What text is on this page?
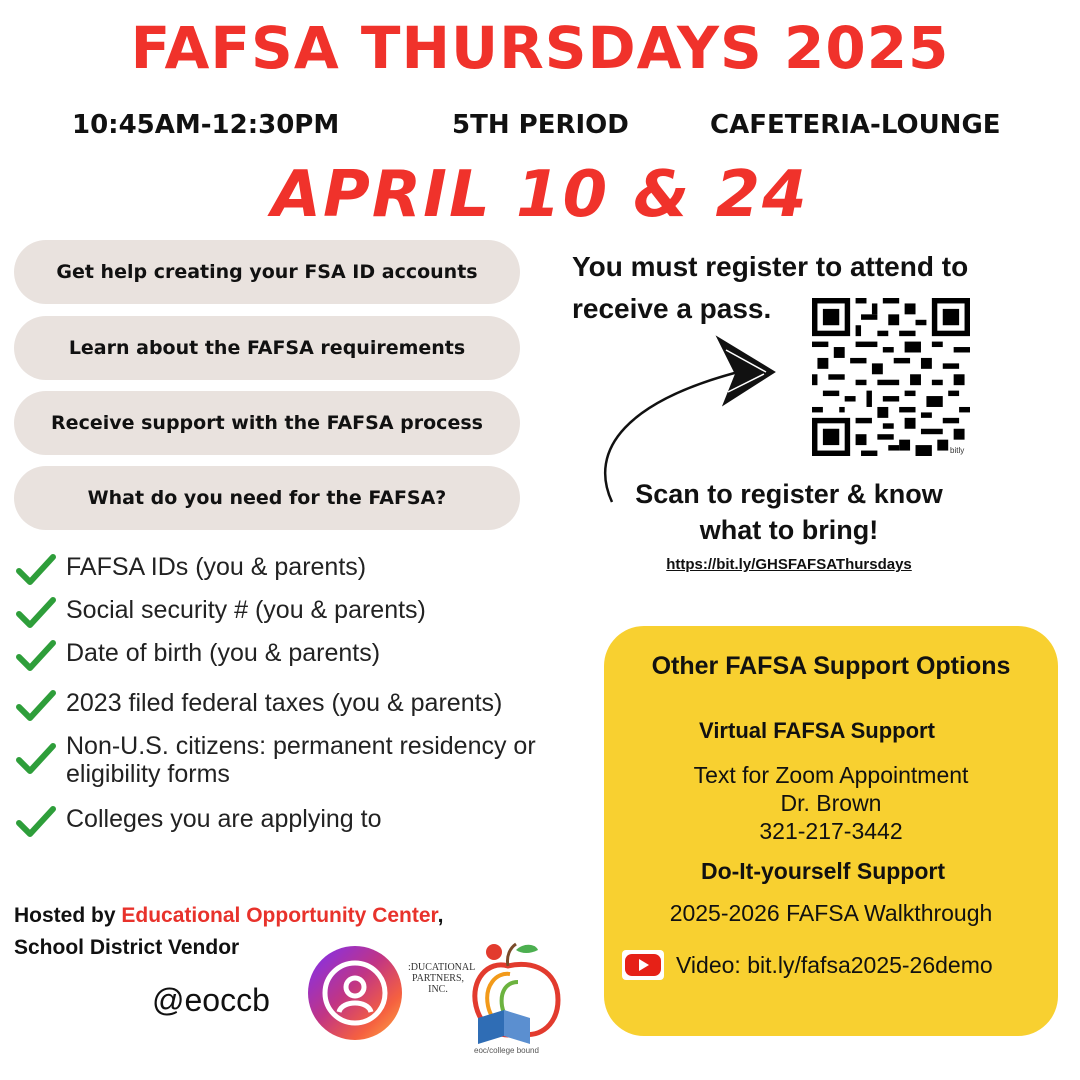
FAFSA THURSDAYS 2025
10:45AM-12:30PM	5TH PERIOD	CAFETERIA-LOUNGE
APRIL 10 & 24
Get help creating your FSA ID accounts
Learn about the FAFSA requirements
Receive support with the FAFSA process
What do you need for the FAFSA?
FAFSA IDs (you & parents)
Social security # (you & parents)
Date of birth (you & parents)
2023 filed federal taxes (you & parents)
Non-U.S. citizens: permanent residency or eligibility forms
Colleges you are applying to
You must register to attend to receive a pass.
bitly
Scan to register & know what to bring!
https://bit.ly/GHSFAFSAThursdays
Other FAFSA Support Options
Virtual FAFSA Support
Text for Zoom Appointment
Dr. Brown
321-217-3442
Do-It-yourself Support
2025-2026 FAFSA Walkthrough
Video: bit.ly/fafsa2025-26demo
Hosted by Educational Opportunity Center,
School District Vendor
@eoccb
:DUCATIONAL
PARTNERS,
INC.
eoc/college bound
